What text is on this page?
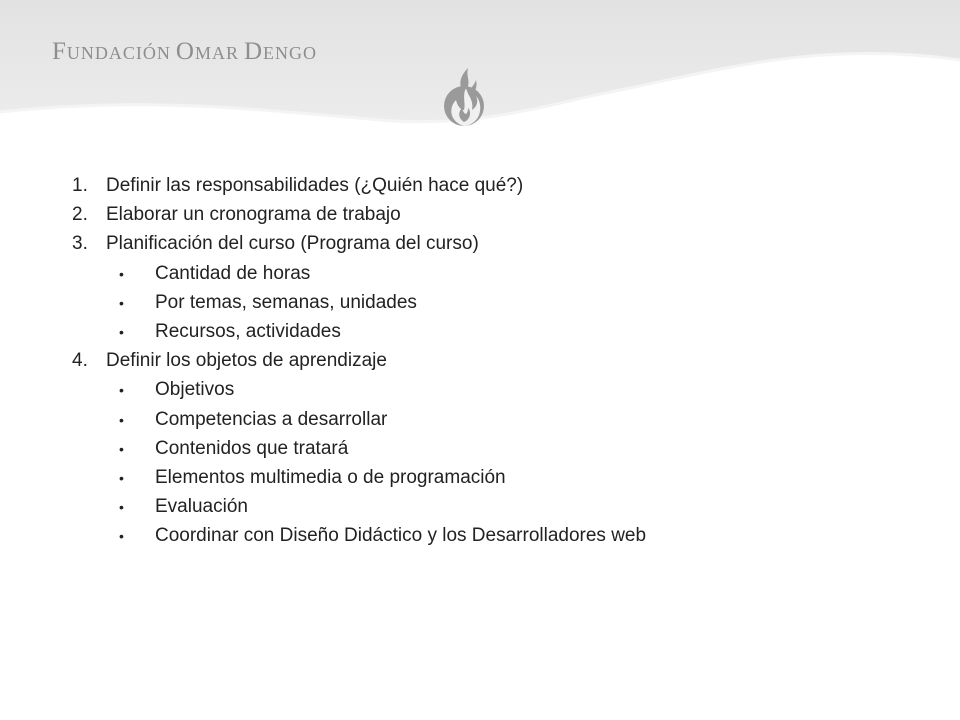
FUNDACIÓN OMAR DENGO
1. Definir las responsabilidades (¿Quién hace qué?)
2. Elaborar un cronograma de trabajo
3. Planificación del curso (Programa del curso)
• Cantidad de horas
• Por temas, semanas, unidades
• Recursos, actividades
4. Definir los objetos de aprendizaje
• Objetivos
• Competencias a desarrollar
• Contenidos que tratará
• Elementos multimedia o de programación
• Evaluación
• Coordinar con Diseño Didáctico y los Desarrolladores web
